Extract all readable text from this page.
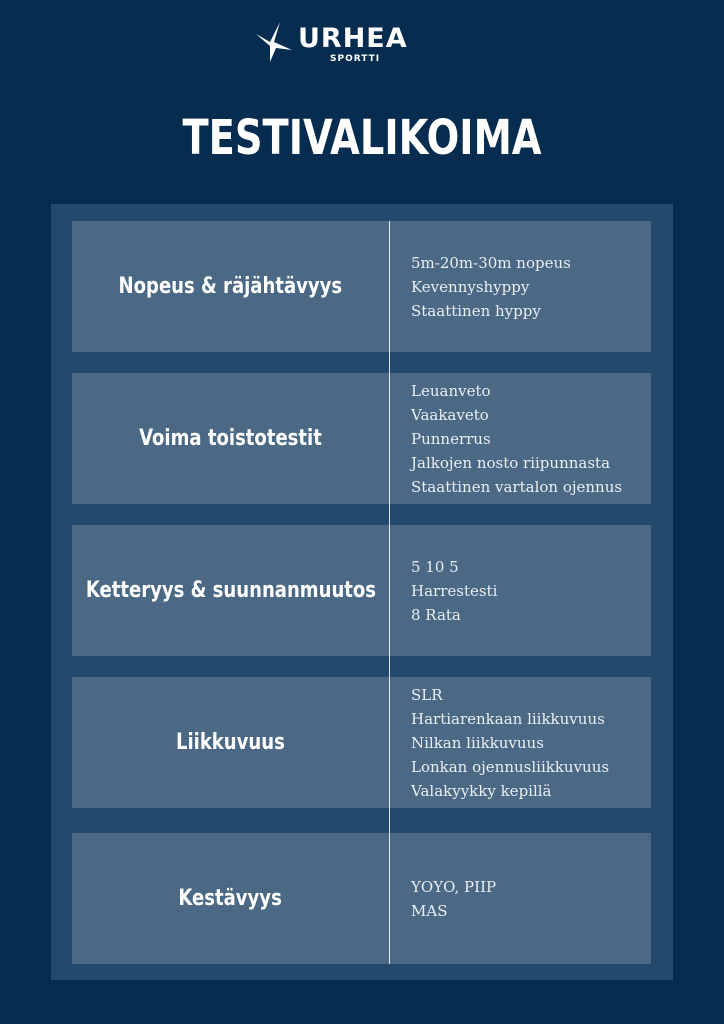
URHEA
SPORTTI
TESTIVALIKOIMA
Nopeus & räjähtävyys
5m-20m-30m nopeus
Kevennyshyppy
Staattinen hyppy
Voima toistotestit
Leuanveto
Vaakaveto
Punnerrus
Jalkojen nosto riipunnasta
Staattinen vartalon ojennus
Ketteryys & suunnanmuutos
5 10 5
Harrestesti
8 Rata
Liikkuvuus
SLR
Hartiarenkaan liikkuvuus
Nilkan liikkuvuus
Lonkan ojennusliikkuvuus
Valakyykky kepillä
Kestävyys	YOYO, PIIP
MAS
